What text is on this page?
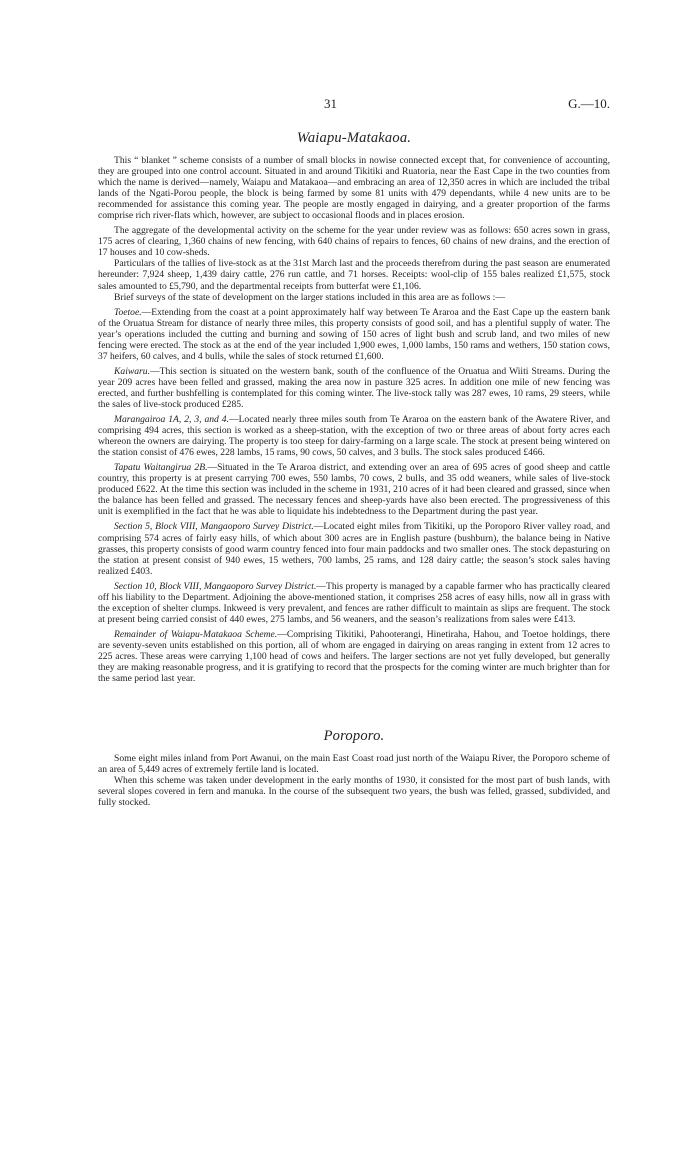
31	G.—10.
Waiapu-Matakaoa.

This “ blanket ” scheme consists of a number of small blocks in nowise connected except that, for convenience of accounting, they are grouped into one control account. Situated in and around Tikitiki and Ruatoria, near the East Cape in the two counties from which the name is derived—namely, Waiapu and Matakaoa—and embracing an area of 12,350 acres in which are included the tribal lands of the Ngati-Porou people, the block is being farmed by some 81 units with 479 dependants, while 4 new units are to be recommended for assistance this coming year. The people are mostly engaged in dairying, and a greater proportion of the farms comprise rich river-flats which, however, are subject to occasional floods and in places erosion.

The aggregate of the developmental activity on the scheme for the year under review was as follows: 650 acres sown in grass, 175 acres of clearing, 1,360 chains of new fencing, with 640 chains of repairs to fences, 60 chains of new drains, and the erection of 17 houses and 10 cow-sheds.

Particulars of the tallies of live-stock as at the 31st March last and the proceeds therefrom during the past season are enumerated hereunder: 7,924 sheep, 1,439 dairy cattle, 276 run cattle, and 71 horses. Receipts: wool-clip of 155 bales realized £1,575, stock sales amounted to £5,790, and the departmental receipts from butterfat were £1,106.

Brief surveys of the state of development on the larger stations included in this area are as follows :—

Toetoe.—Extending from the coast at a point approximately half way between Te Araroa and the East Cape up the eastern bank of the Oruatua Stream for distance of nearly three miles, this property consists of good soil, and has a plentiful supply of water. The year’s operations included the cutting and burning and sowing of 150 acres of light bush and scrub land, and two miles of new fencing were erected. The stock as at the end of the year included 1,900 ewes, 1,000 lambs, 150 rams and wethers, 150 station cows, 37 heifers, 60 calves, and 4 bulls, while the sales of stock returned £1,600.

Kaiwaru.—This section is situated on the western bank, south of the confluence of the Oruatua and Wiiti Streams. During the year 209 acres have been felled and grassed, making the area now in pasture 325 acres. In addition one mile of new fencing was erected, and further bushfelling is contemplated for this coming winter. The live-stock tally was 287 ewes, 10 rams, 29 steers, while the sales of live-stock produced £285.

Marangairoa 1A, 2, 3, and 4.—Located nearly three miles south from Te Araroa on the eastern bank of the Awatere River, and comprising 494 acres, this section is worked as a sheep-station, with the exception of two or three areas of about forty acres each whereon the owners are dairying. The property is too steep for dairy-farming on a large scale. The stock at present being wintered on the station consist of 476 ewes, 228 lambs, 15 rams, 90 cows, 50 calves, and 3 bulls. The stock sales produced £466.

Tapatu Waitangirua 2B.—Situated in the Te Araroa district, and extending over an area of 695 acres of good sheep and cattle country, this property is at present carrying 700 ewes, 550 lambs, 70 cows, 2 bulls, and 35 odd weaners, while sales of live-stock produced £622. At the time this section was included in the scheme in 1931, 210 acres of it had been cleared and grassed, since when the balance has been felled and grassed. The necessary fences and sheep-yards have also been erected. The progressiveness of this unit is exemplified in the fact that he was able to liquidate his indebtedness to the Department during the past year.

Section 5, Block VIII, Mangaoporo Survey District.—Located eight miles from Tikitiki, up the Poroporo River valley road, and comprising 574 acres of fairly easy hills, of which about 300 acres are in English pasture (bushburn), the balance being in Native grasses, this property consists of good warm country fenced into four main paddocks and two smaller ones. The stock depasturing on the station at present consist of 940 ewes, 15 wethers, 700 lambs, 25 rams, and 128 dairy cattle; the season’s stock sales having realized £403.

Section 10, Block VIII, Mangaoporo Survey District.—This property is managed by a capable farmer who has practically cleared off his liability to the Department. Adjoining the above-mentioned station, it comprises 258 acres of easy hills, now all in grass with the exception of shelter clumps. Inkweed is very prevalent, and fences are rather difficult to maintain as slips are frequent. The stock at present being carried consist of 440 ewes, 275 lambs, and 56 weaners, and the season’s realizations from sales were £413.

Remainder of Waiapu-Matakaoa Scheme.—Comprising Tikitiki, Pahooterangi, Hinetiraha, Hahou, and Toetoe holdings, there are seventy-seven units established on this portion, all of whom are engaged in dairying on areas ranging in extent from 12 acres to 225 acres. These areas were carrying 1,100 head of cows and heifers. The larger sections are not yet fully developed, but generally they are making reasonable progress, and it is gratifying to record that the prospects for the coming winter are much brighter than for the same period last year.

Poroporo.

Some eight miles inland from Port Awanui, on the main East Coast road just north of the Waiapu River, the Poroporo scheme of an area of 5,449 acres of extremely fertile land is located.

When this scheme was taken under development in the early months of 1930, it consisted for the most part of bush lands, with several slopes covered in fern and manuka. In the course of the subsequent two years, the bush was felled, grassed, subdivided, and fully stocked.
